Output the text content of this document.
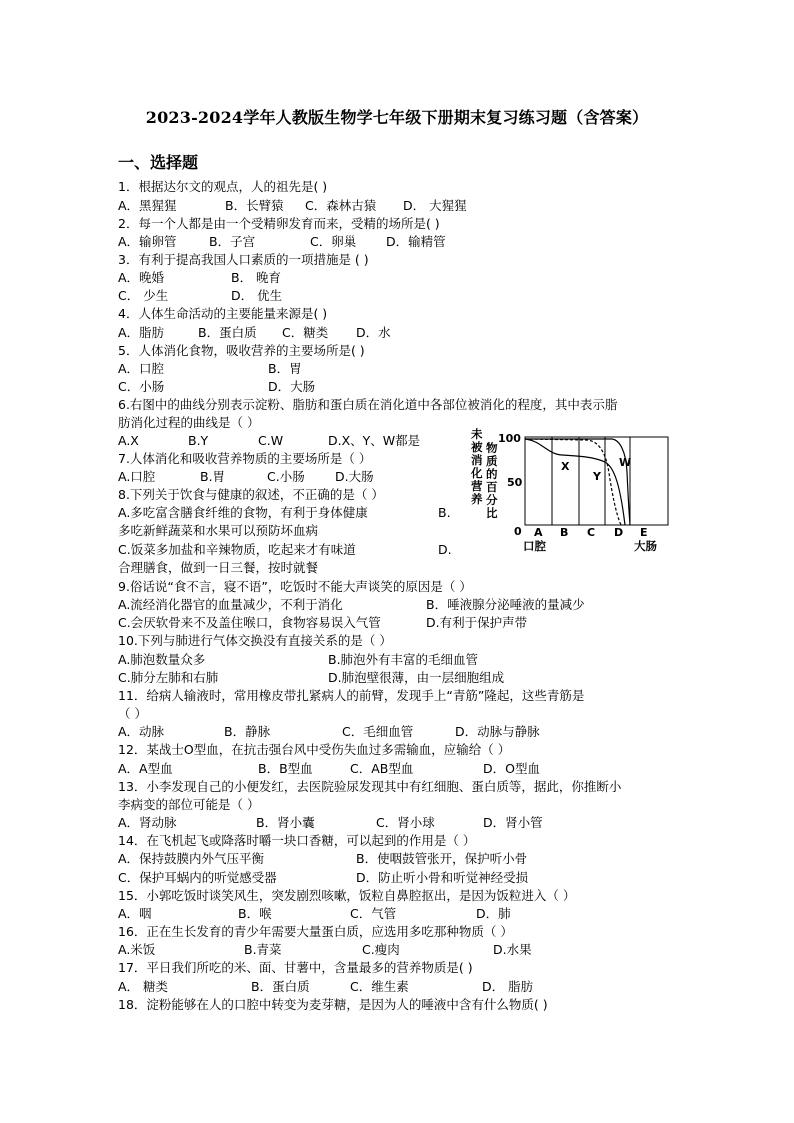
2023-2024学年人教版生物学七年级下册期末复习练习题（含答案）
一、选择题
1．根据达尔文的观点，人的祖先是( )
A．黑猩猩	B．长臂猿 C．森林古猿 D． 大猩猩
2．每一个人都是由一个受精卵发育而来，受精的场所是( )
A．输卵管	B．子宫	C．卵巢 D．输精管
3．有利于提高我国人口素质的一项措施是 ( )
A．晚婚	B． 晚育
C． 少生	D． 优生
4．人体生命活动的主要能量来源是( )
A．脂肪	B．蛋白质 C．糖类 D．水
5．人体消化食物，吸收营养的主要场所是( )
A．口腔	B．胃
C．小肠	D．大肠
6.右图中的曲线分别表示淀粉、脂肪和蛋白质在消化道中各部位被消化的程度，其中表示脂
肪消化过程的曲线是（ ）
A.X	B.Y	C.W	D.X、Y、W都是
7.人体消化和吸收营养物质的主要场所是（ ）
A.口腔	B.胃	C.小肠 D.大肠
8.下列关于饮食与健康的叙述，不正确的是（ ）
A.多吃富含膳食纤维的食物，有利于身体健康	B.
多吃新鲜蔬菜和水果可以预防坏血病
C.饭菜多加盐和辛辣物质，吃起来才有味道	D.
合理膳食，做到一日三餐，按时就餐
未被消化营养
物质的百分比
100
50
0
X
Y
W
A B C D E
口腔	大肠
9.俗话说“食不言，寝不语”，吃饭时不能大声谈笑的原因是（ ）
A.流经消化器官的血量减少，不利于消化	B．唾液腺分泌唾液的量减少
C.会厌软骨来不及盖住喉口，食物容易误入气管	D.有利于保护声带
10.下列与肺进行气体交换没有直接关系的是（ ）
A.肺泡数量众多	B.肺泡外有丰富的毛细血管
C.肺分左肺和右肺	D.肺泡壁很薄，由一层细胞组成
11．给病人输液时，常用橡皮带扎紧病人的前臂，发现手上“青筋”隆起，这些青筋是
（ ）
A．动脉	B．静脉	C．毛细血管	D．动脉与静脉
12．某战士O型血，在抗击强台风中受伤失血过多需输血，应输给（ ）
A．A型血	B．B型血	C．AB型血	D．O型血
13．小李发现自己的小便发红，去医院验尿发现其中有红细胞、蛋白质等，据此，你推断小
李病变的部位可能是（ ）
A．肾动脉	B．肾小囊	C．肾小球	D．肾小管
14．在飞机起飞或降落时嚼一块口香糖，可以起到的作用是（ ）
A．保持鼓膜内外气压平衡	B．使咽鼓管张开，保护听小骨
C．保护耳蜗内的听觉感受器	D．防止听小骨和听觉神经受损
15．小郭吃饭时谈笑风生，突发剧烈咳嗽，饭粒自鼻腔抠出，是因为饭粒进入（ ）
A．咽	B．喉	C．气管	D．肺
16．正在生长发育的青少年需要大量蛋白质，应选用多吃那种物质（ ）
A.米饭	B.青菜	C.瘦肉	D.水果
17．平日我们所吃的米、面、甘薯中，含量最多的营养物质是( )
A． 糖类	B．蛋白质	C．维生素	D． 脂肪
18．淀粉能够在人的口腔中转变为麦芽糖，是因为人的唾液中含有什么物质( )
